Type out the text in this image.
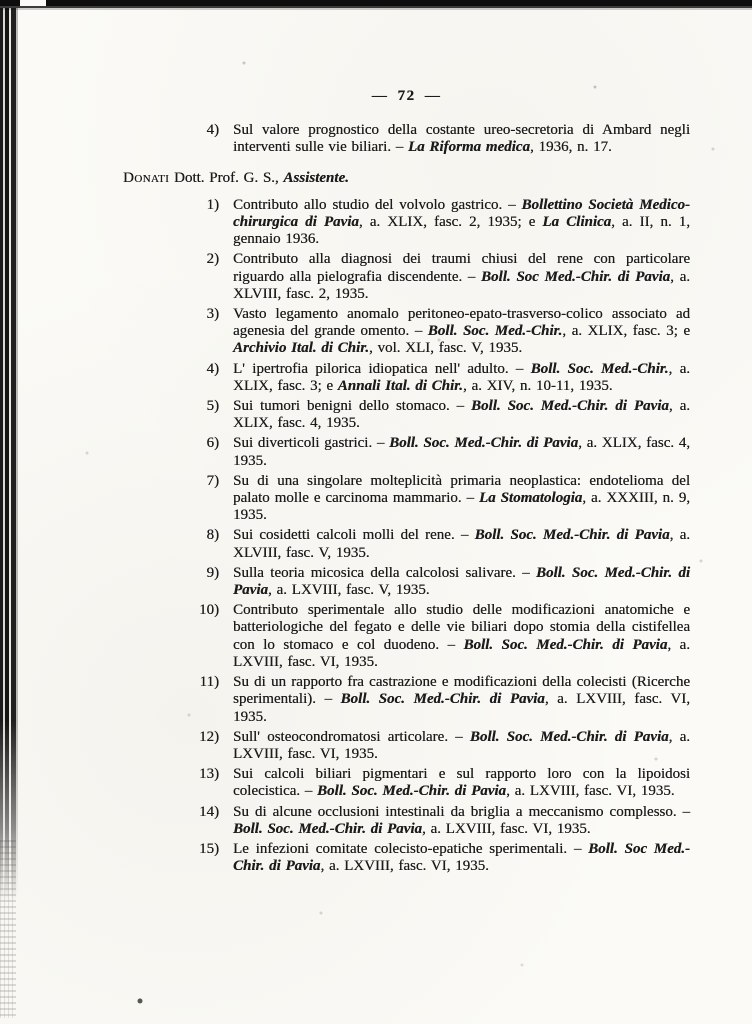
— 72 —
4) Sul valore prognostico della costante ureo-secretoria di Ambard negli interventi sulle vie biliari. – La Riforma medica, 1936, n. 17.
Donati Dott. Prof. G. S., Assistente.
1) Contributo allo studio del volvolo gastrico. – Bollettino Società Medico-chirurgica di Pavia, a. XLIX, fasc. 2, 1935; e La Clinica, a. II, n. 1, gennaio 1936.
2) Contributo alla diagnosi dei traumi chiusi del rene con particolare riguardo alla pielografia discendente. – Boll. Soc Med.-Chir. di Pavia, a. XLVIII, fasc. 2, 1935.
3) Vasto legamento anomalo peritoneo-epato-trasverso-colico associato ad agenesia del grande omento. – Boll. Soc. Med.-Chir., a. XLIX, fasc. 3; e Archivio Ital. di Chir., vol. XLI, fasc. V, 1935.
4) L' ipertrofia pilorica idiopatica nell' adulto. – Boll. Soc. Med.-Chir., a. XLIX, fasc. 3; e Annali Ital. di Chir., a. XIV, n. 10-11, 1935.
5) Sui tumori benigni dello stomaco. – Boll. Soc. Med.-Chir. di Pavia, a. XLIX, fasc. 4, 1935.
6) Sui diverticoli gastrici. – Boll. Soc. Med.-Chir. di Pavia, a. XLIX, fasc. 4, 1935.
7) Su di una singolare molteplicità primaria neoplastica: endotelioma del palato molle e carcinoma mammario. – La Stomatologia, a. XXXIII, n. 9, 1935.
8) Sui cosidetti calcoli molli del rene. – Boll. Soc. Med.-Chir. di Pavia, a. XLVIII, fasc. V, 1935.
9) Sulla teoria micosica della calcolosi salivare. – Boll. Soc. Med.-Chir. di Pavia, a. LXVIII, fasc. V, 1935.
10) Contributo sperimentale allo studio delle modificazioni anatomiche e batteriologiche del fegato e delle vie biliari dopo stomia della cistifellea con lo stomaco e col duodeno. – Boll. Soc. Med.-Chir. di Pavia, a. LXVIII, fasc. VI, 1935.
11) Su di un rapporto fra castrazione e modificazioni della colecisti (Ricerche sperimentali). – Boll. Soc. Med.-Chir. di Pavia, a. LXVIII, fasc. VI, 1935.
12) Sull' osteocondromatosi articolare. – Boll. Soc. Med.-Chir. di Pavia, a. LXVIII, fasc. VI, 1935.
13) Sui calcoli biliari pigmentari e sul rapporto loro con la lipoidosi colecistica. – Boll. Soc. Med.-Chir. di Pavia, a. LXVIII, fasc. VI, 1935.
14) Su di alcune occlusioni intestinali da briglia a meccanismo complesso. – Boll. Soc. Med.-Chir. di Pavia, a. LXVIII, fasc. VI, 1935.
15) Le infezioni comitate colecisto-epatiche sperimentali. – Boll. Soc Med.-Chir. di Pavia, a. LXVIII, fasc. VI, 1935.
